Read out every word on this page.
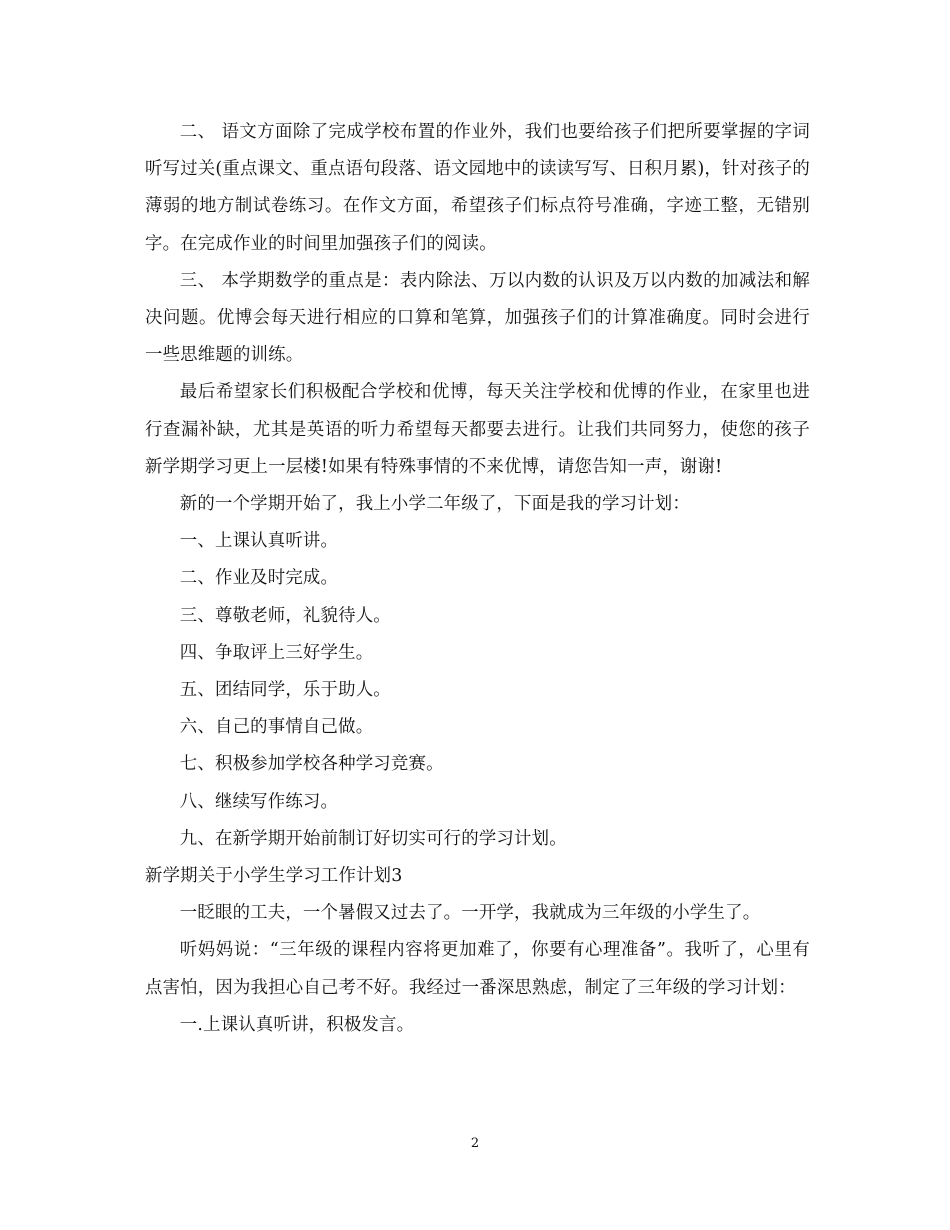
二、 语文方面除了完成学校布置的作业外，我们也要给孩子们把所要掌握的字词听写过关(重点课文、重点语句段落、语文园地中的读读写写、日积月累)，针对孩子的薄弱的地方制试卷练习。在作文方面，希望孩子们标点符号准确，字迹工整，无错别字。在完成作业的时间里加强孩子们的阅读。

三、 本学期数学的重点是：表内除法、万以内数的认识及万以内数的加减法和解决问题。优博会每天进行相应的口算和笔算，加强孩子们的计算准确度。同时会进行一些思维题的训练。

最后希望家长们积极配合学校和优博，每天关注学校和优博的作业，在家里也进行查漏补缺，尤其是英语的听力希望每天都要去进行。让我们共同努力，使您的孩子新学期学习更上一层楼!如果有特殊事情的不来优博，请您告知一声，谢谢!

新的一个学期开始了，我上小学二年级了，下面是我的学习计划：

一、上课认真听讲。

二、作业及时完成。

三、尊敬老师，礼貌待人。

四、争取评上三好学生。

五、团结同学，乐于助人。

六、自己的事情自己做。

七、积极参加学校各种学习竞赛。

八、继续写作练习。

九、在新学期开始前制订好切实可行的学习计划。

新学期关于小学生学习工作计划3

一眨眼的工夫，一个暑假又过去了。一开学，我就成为三年级的小学生了。

听妈妈说：“三年级的课程内容将更加难了，你要有心理准备”。我听了，心里有点害怕，因为我担心自己考不好。我经过一番深思熟虑，制定了三年级的学习计划：

一.上课认真听讲，积极发言。

2
